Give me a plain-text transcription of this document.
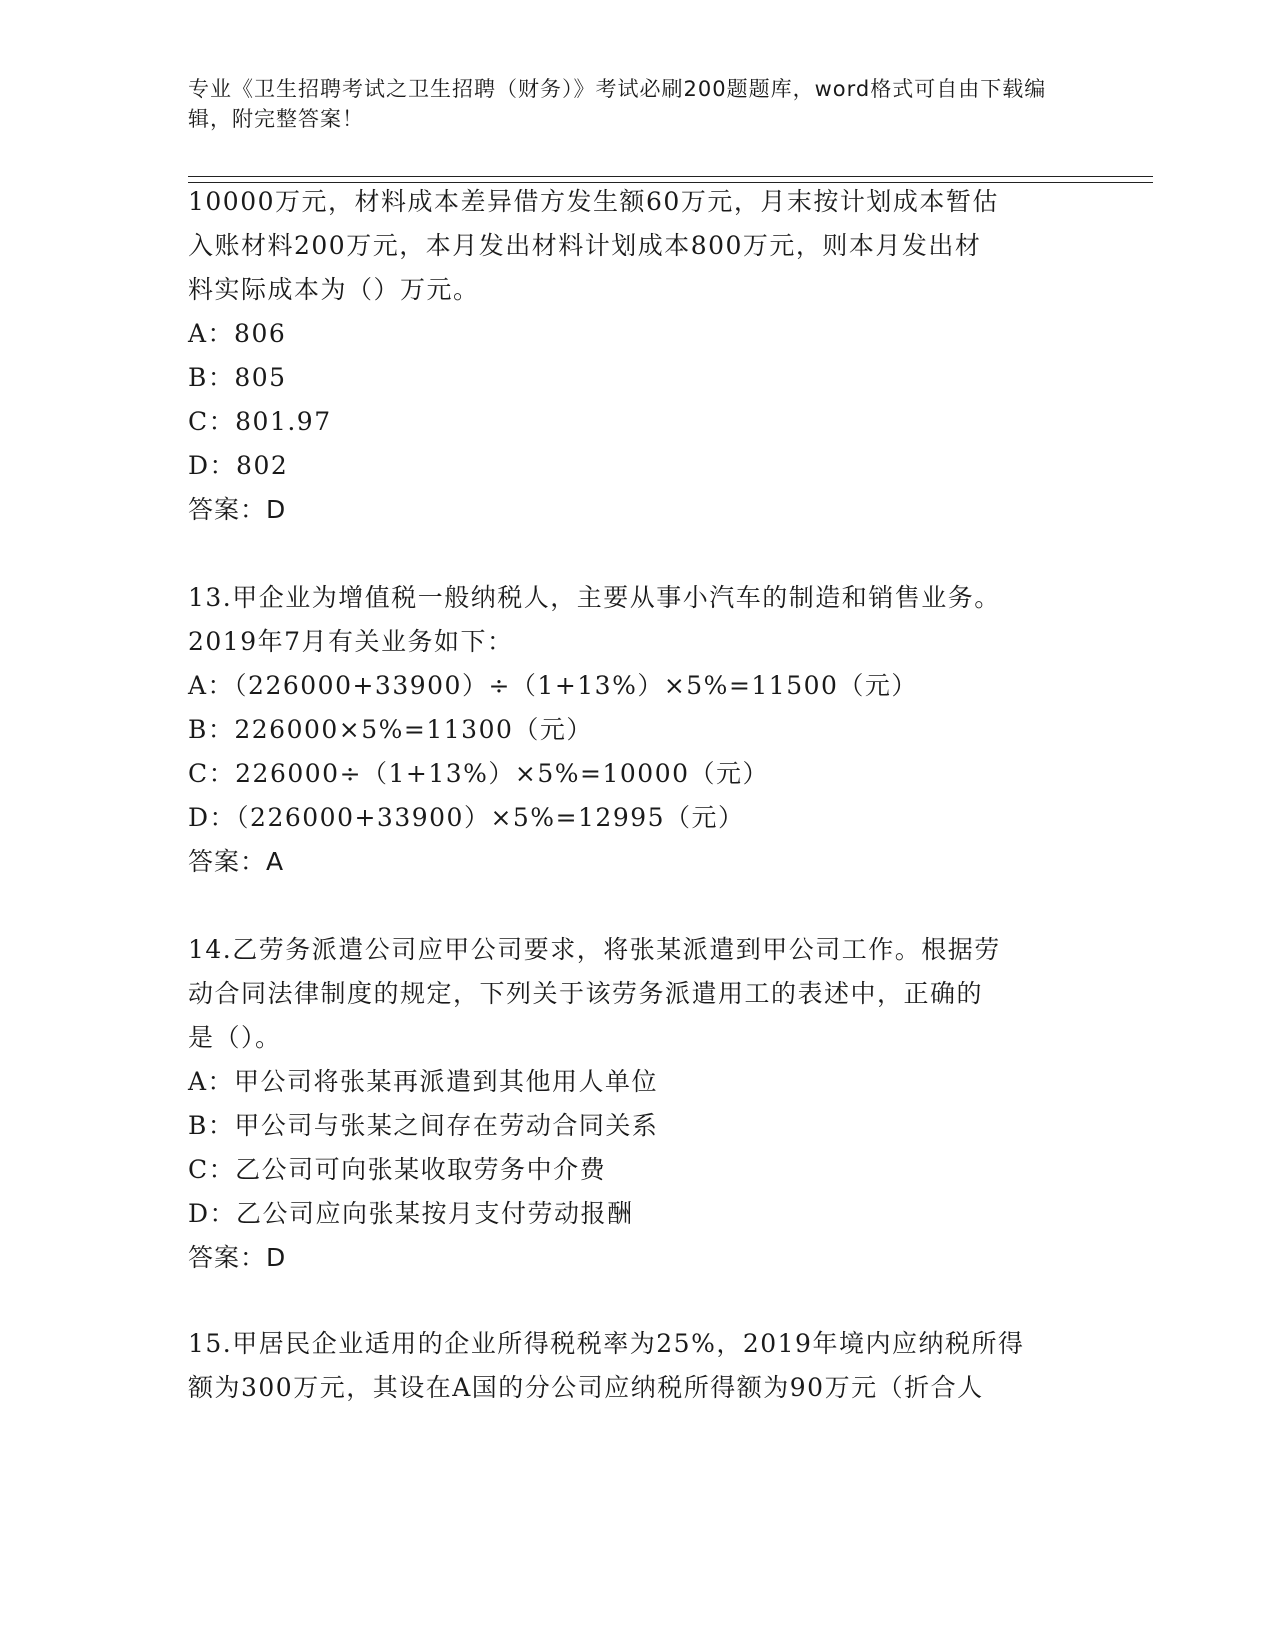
专业《卫生招聘考试之卫生招聘（财务）》考试必刷200题题库，word格式可自由下载编辑，附完整答案！
10000万元，材料成本差异借方发生额60万元，月末按计划成本暂估
入账材料200万元，本月发出材料计划成本800万元，则本月发出材
料实际成本为（）万元。
A：806
B：805
C：801.97
D：802
答案：D
13.甲企业为增值税一般纳税人，主要从事小汽车的制造和销售业务。
2019年7月有关业务如下：
A：（226000+33900）÷（1+13%）×5%=11500（元）
B：226000×5%=11300（元）
C：226000÷（1+13%）×5%=10000（元）
D：（226000+33900）×5%=12995（元）
答案：A
14.乙劳务派遣公司应甲公司要求，将张某派遣到甲公司工作。根据劳
动合同法律制度的规定，下列关于该劳务派遣用工的表述中，正确的
是（）。
A：甲公司将张某再派遣到其他用人单位
B：甲公司与张某之间存在劳动合同关系
C：乙公司可向张某收取劳务中介费
D：乙公司应向张某按月支付劳动报酬
答案：D
15.甲居民企业适用的企业所得税税率为25%，2019年境内应纳税所得
额为300万元，其设在A国的分公司应纳税所得额为90万元（折合人
